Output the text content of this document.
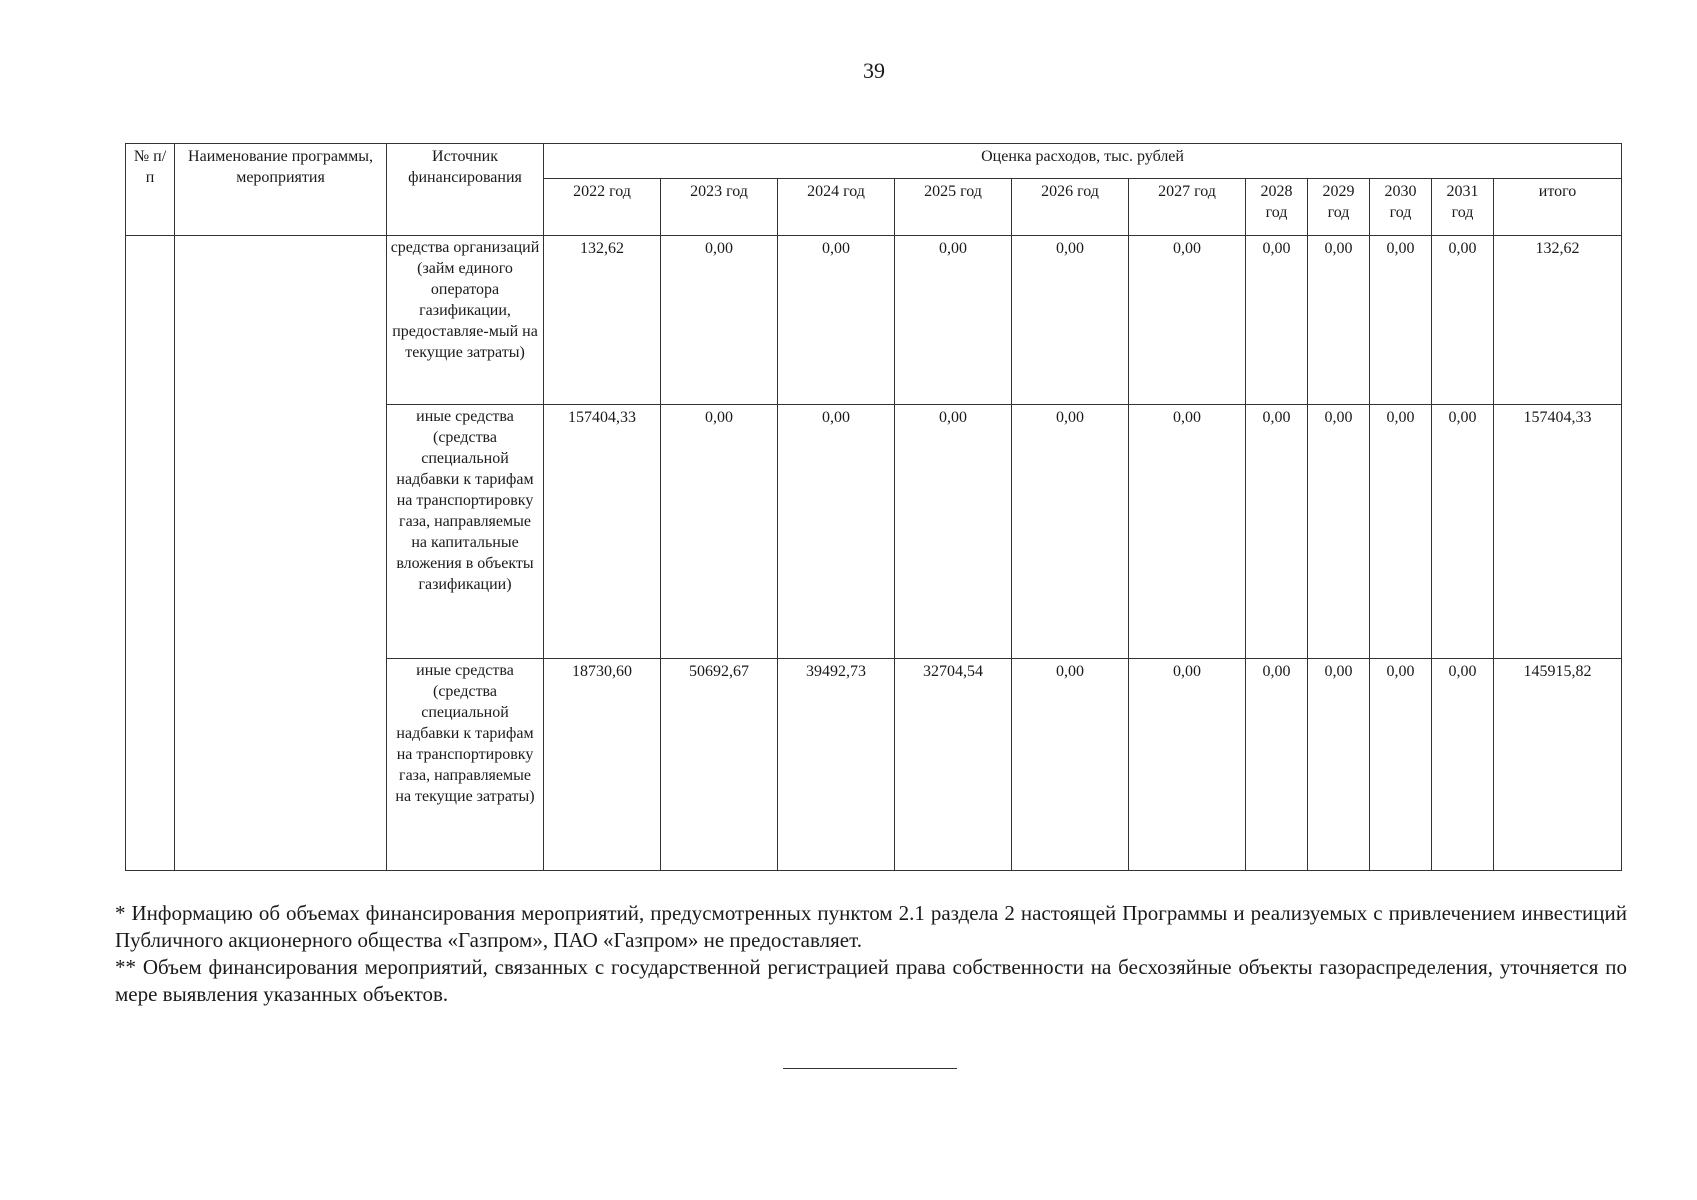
39
№ п/п	Наименование программы, мероприятия	Источник финансирования	Оценка расходов, тыс. рублей										
			2022 год	2023 год	2024 год	2025 год	2026 год	2027 год	2028 год	2029 год	2030 год	2031 год	итого
		средства организаций (займ единого оператора газификации, предоставляе-мый на текущие затраты)	132,62	0,00	0,00	0,00	0,00	0,00	0,00	0,00	0,00	0,00	132,62
		иные средства (средства специальной надбавки к тарифам на транспортировку газа, направляемые на капитальные вложения в объекты газификации)	157404,33	0,00	0,00	0,00	0,00	0,00	0,00	0,00	0,00	0,00	157404,33
		иные средства (средства специальной надбавки к тарифам на транспортировку газа, направляемые на текущие затраты)	18730,60	50692,67	39492,73	32704,54	0,00	0,00	0,00	0,00	0,00	0,00	145915,82

* Информацию об объемах финансирования мероприятий, предусмотренных пунктом 2.1 раздела 2 настоящей Программы и реализуемых с привлечением инвестиций Публичного акционерного общества «Газпром», ПАО «Газпром» не предоставляет.

** Объем финансирования мероприятий, связанных с государственной регистрацией права собственности на бесхозяйные объекты газораспределения, уточняется по мере выявления указанных объектов.
